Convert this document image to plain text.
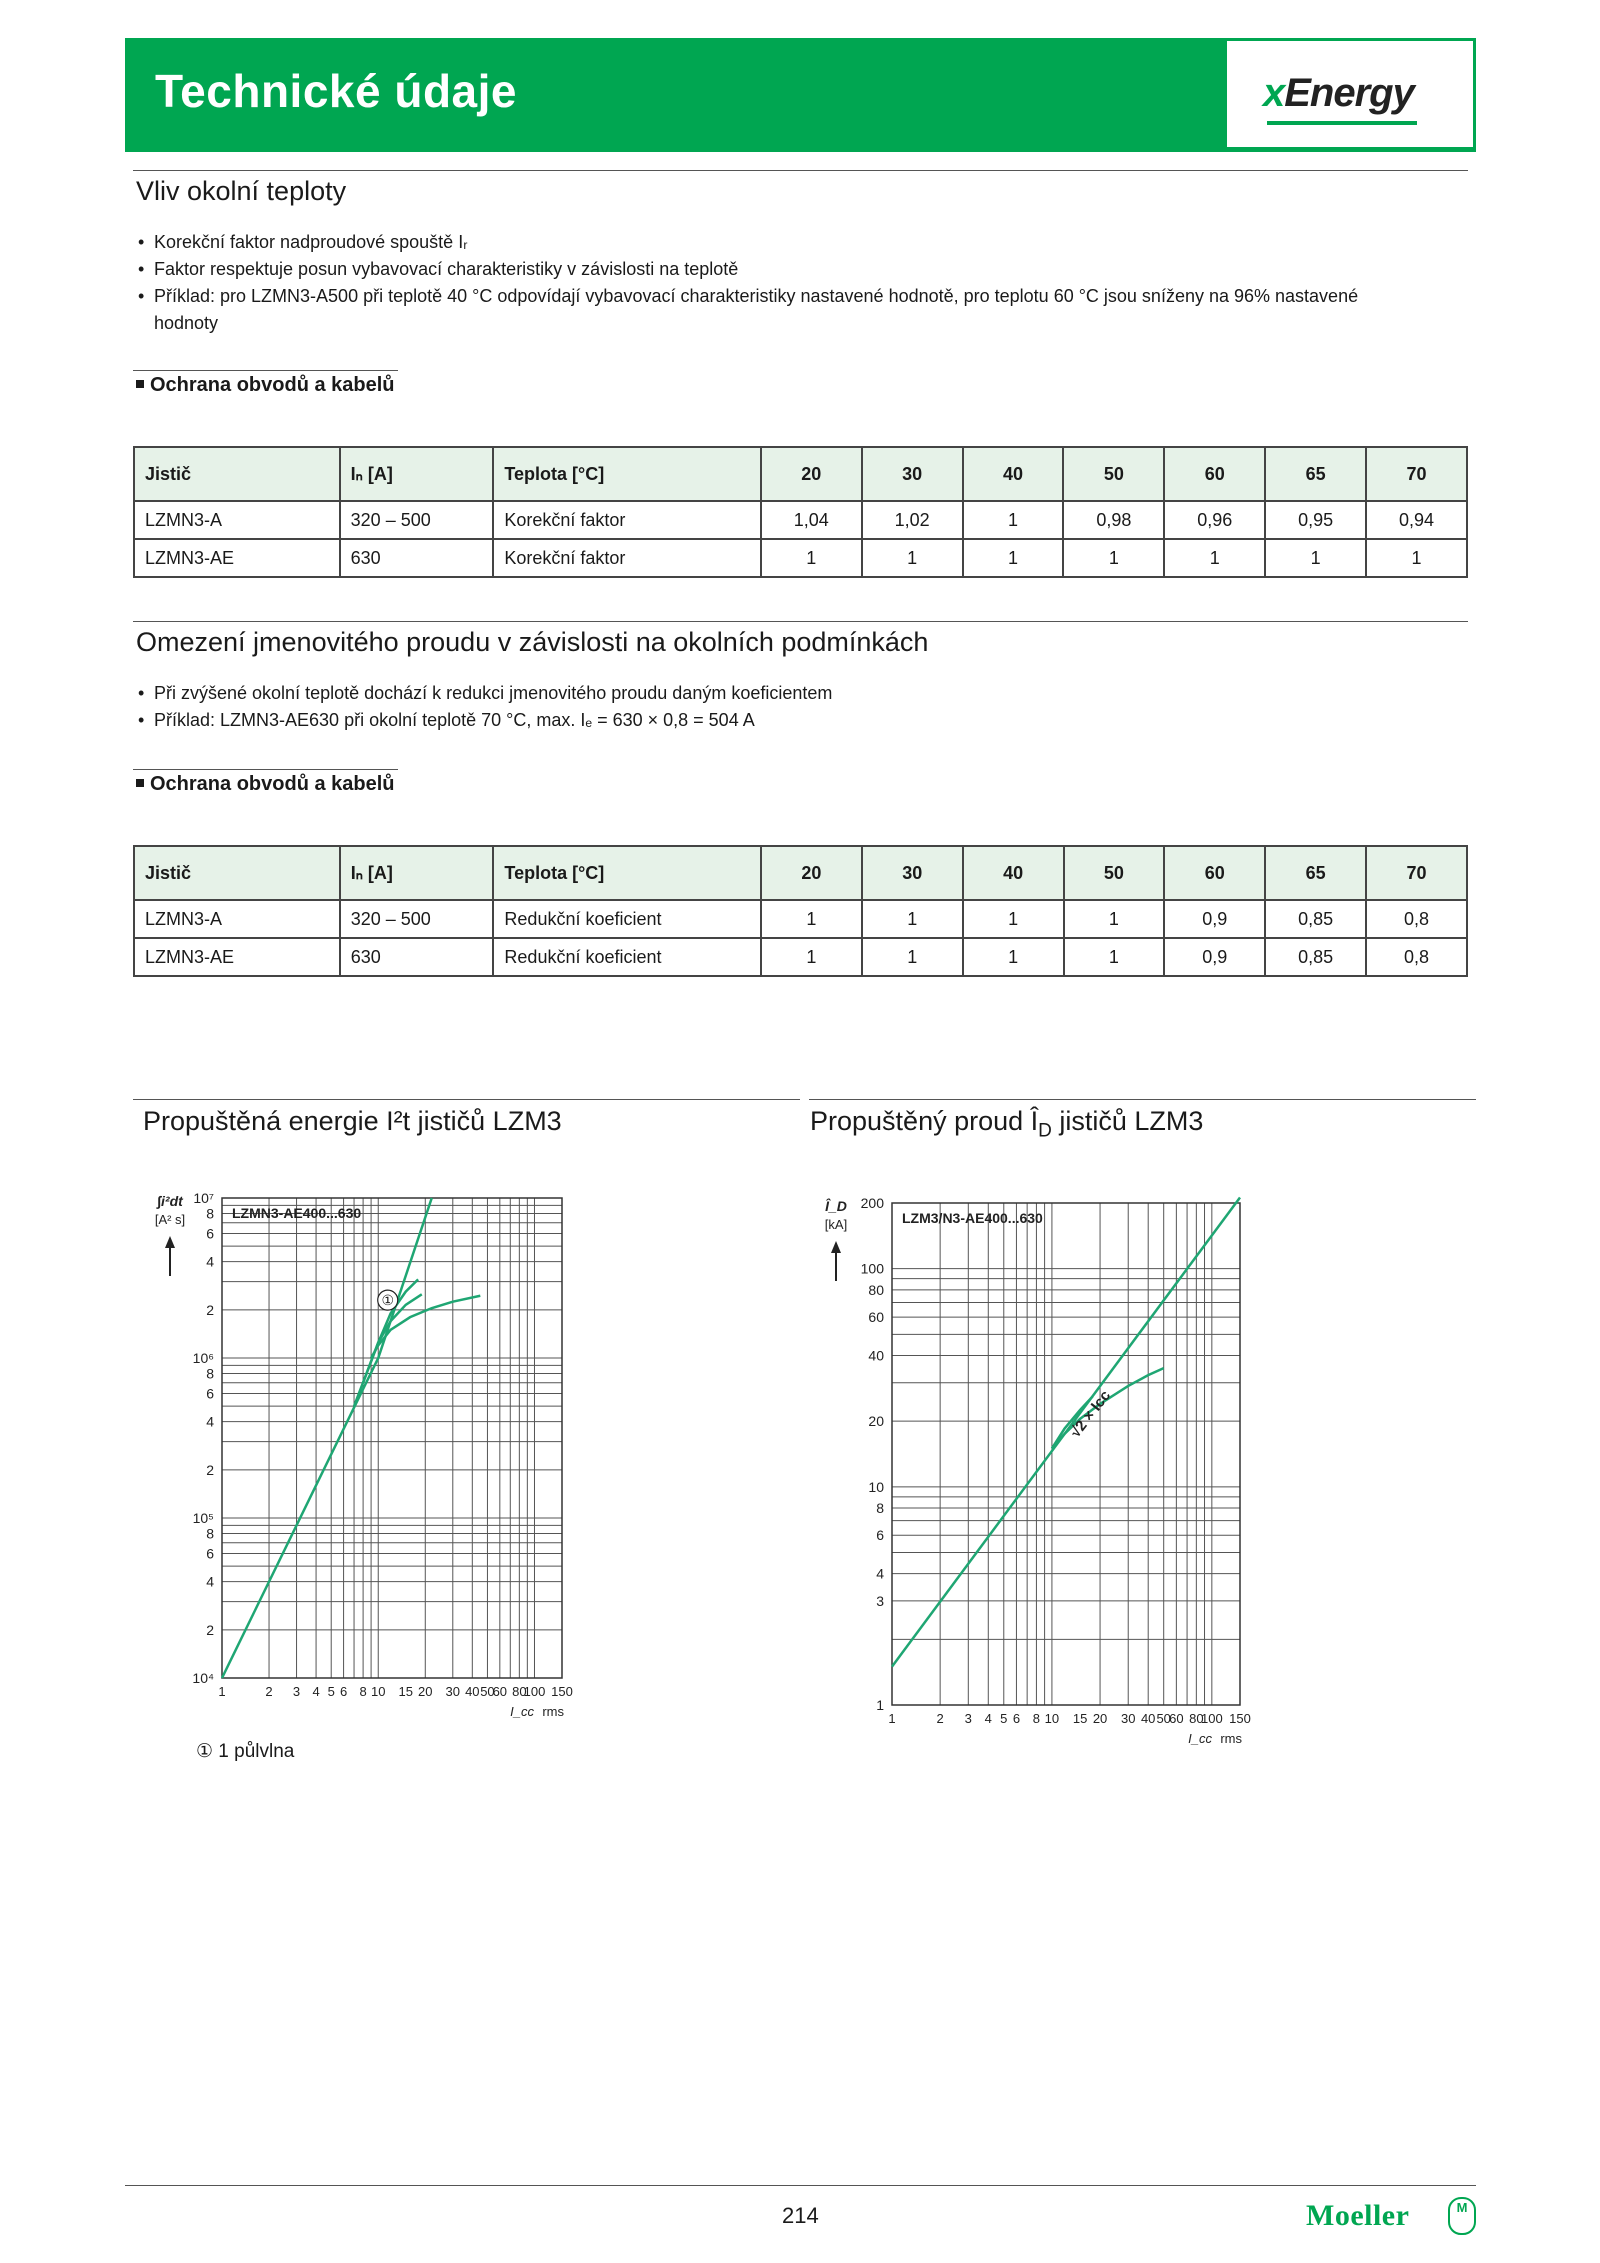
Technické údaje	xEnergy
Vliv okolní teploty
• Korekční faktor nadproudové spouště Iᵣ
• Faktor respektuje posun vybavovací charakteristiky v závislosti na teplotě
• Příklad: pro LZMN3-A500 při teplotě 40 °C odpovídají vybavovací charakteristiky nastavené hodnotě, pro teplotu 60 °C jsou sníženy na 96% nastavené hodnoty
Ochrana obvodů a kabelů
Jistič	Iₙ [A]	Teplota [°C]	20	30	40	50	60	65	70
LZMN3-A	320 – 500	Korekční faktor	1,04	1,02	1	0,98	0,96	0,95	0,94
LZMN3-AE	630	Korekční faktor	1	1	1	1	1	1	1
Omezení jmenovitého proudu v závislosti na okolních podmínkách
• Při zvýšené okolní teplotě dochází k redukci jmenovitého proudu daným koeficientem
• Příklad: LZMN3-AE630 při okolní teplotě 70 °C, max. Iₑ = 630 × 0,8 = 504 A
Ochrana obvodů a kabelů
Jistič	Iₙ [A]	Teplota [°C]	20	30	40	50	60	65	70
LZMN3-A	320 – 500	Redukční koeficient	1	1	1	1	0,9	0,85	0,8
LZMN3-AE	630	Redukční koeficient	1	1	1	1	0,9	0,85	0,8
Propuštěná energie I²t jističů LZM3	Propuštěný proud $Î_D$ jističů LZM3
1	2 3 4 5 6 8 10 15 20 30 40 50
60 80
100 150
10⁴
2
4
6
8
10⁵
2
4
6
8
10⁶
2
4
6
8
10⁷
LZMN3-AE400...630
∫i²dt
[A² s]
I_cc rms
①
① 1 půlvlna
1	2 3 4 5 6 8 10 15 20 30 40 50
60 80
100 150
1
3
4
6
8
10
20
40
60
80
100
200
LZM3/N3-AE400...630
Î_D
[kA]
I_cc rms
√2 × Icc
214	Moeller	M
